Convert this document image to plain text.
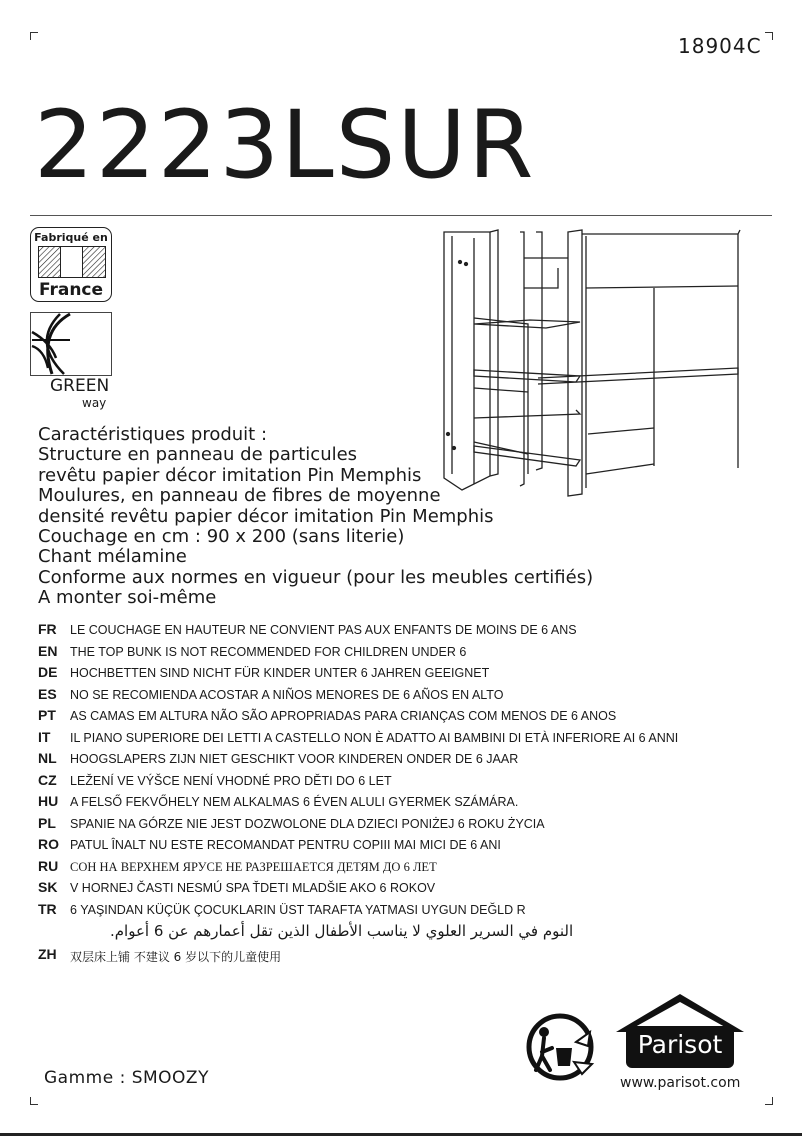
18904C
2223LSUR
Fabriqué en
France
GREEN
way
Caractéristiques produit :
Structure en panneau de particules
revêtu papier décor imitation Pin Memphis
Moulures, en panneau de fibres de moyenne
densité revêtu papier décor imitation Pin Memphis
Couchage en cm : 90 x 200 (sans literie)
Chant mélamine
Conforme aux normes en vigueur (pour les meubles certifiés)
A monter soi-même
FR LE COUCHAGE EN HAUTEUR NE CONVIENT PAS AUX ENFANTS DE MOINS DE 6 ANS
EN THE TOP BUNK IS NOT RECOMMENDED FOR CHILDREN UNDER 6
DE HOCHBETTEN SIND NICHT FÜR KINDER UNTER 6 JAHREN GEEIGNET
ES NO SE RECOMIENDA ACOSTAR A NIÑOS MENORES DE 6 AÑOS EN ALTO
PT AS CAMAS EM ALTURA NÃO SÃO APROPRIADAS PARA CRIANÇAS COM MENOS DE 6 ANOS
IT IL PIANO SUPERIORE DEI LETTI A CASTELLO NON È ADATTO AI BAMBINI DI ETÀ INFERIORE AI 6 ANNI
NL HOOGSLAPERS ZIJN NIET GESCHIKT VOOR KINDEREN ONDER DE 6 JAAR
CZ LEŽENÍ VE VÝŠCE NENÍ VHODNÉ PRO DĚTI DO 6 LET
HU A FELSŐ FEKVŐHELY NEM ALKALMAS 6 ÉVEN ALULI GYERMEK SZÁMÁRA.
PL SPANIE NA GÓRZE NIE JEST DOZWOLONE DLA DZIECI PONIŻEJ 6 ROKU ŻYCIA
RO PATUL ÎNALT NU ESTE RECOMANDAT PENTRU COPIII MAI MICI DE 6 ANI
RU СОН НА ВЕРХНЕМ ЯРУСЕ НЕ РАЗРЕШАЕТСЯ ДЕТЯМ ДО 6 ЛЕТ
SK V HORNEJ ČASTI NESMÚ SPA ŤDETI MLADŠIE AKO 6 ROKOV
TR 6 YAŞINDAN KÜÇÜK ÇOCUKLARIN ÜST TARAFTA YATMASI UYGUN DEĞLD R
ZH 双层床上铺 不建议 6 岁以下的儿童使用
النوم في السرير العلوي لا يناسب الأطفال الذين تقل أعمارهم عن 6 أعوام.
Parisot
Gamme : SMOOZY	www.parisot.com
